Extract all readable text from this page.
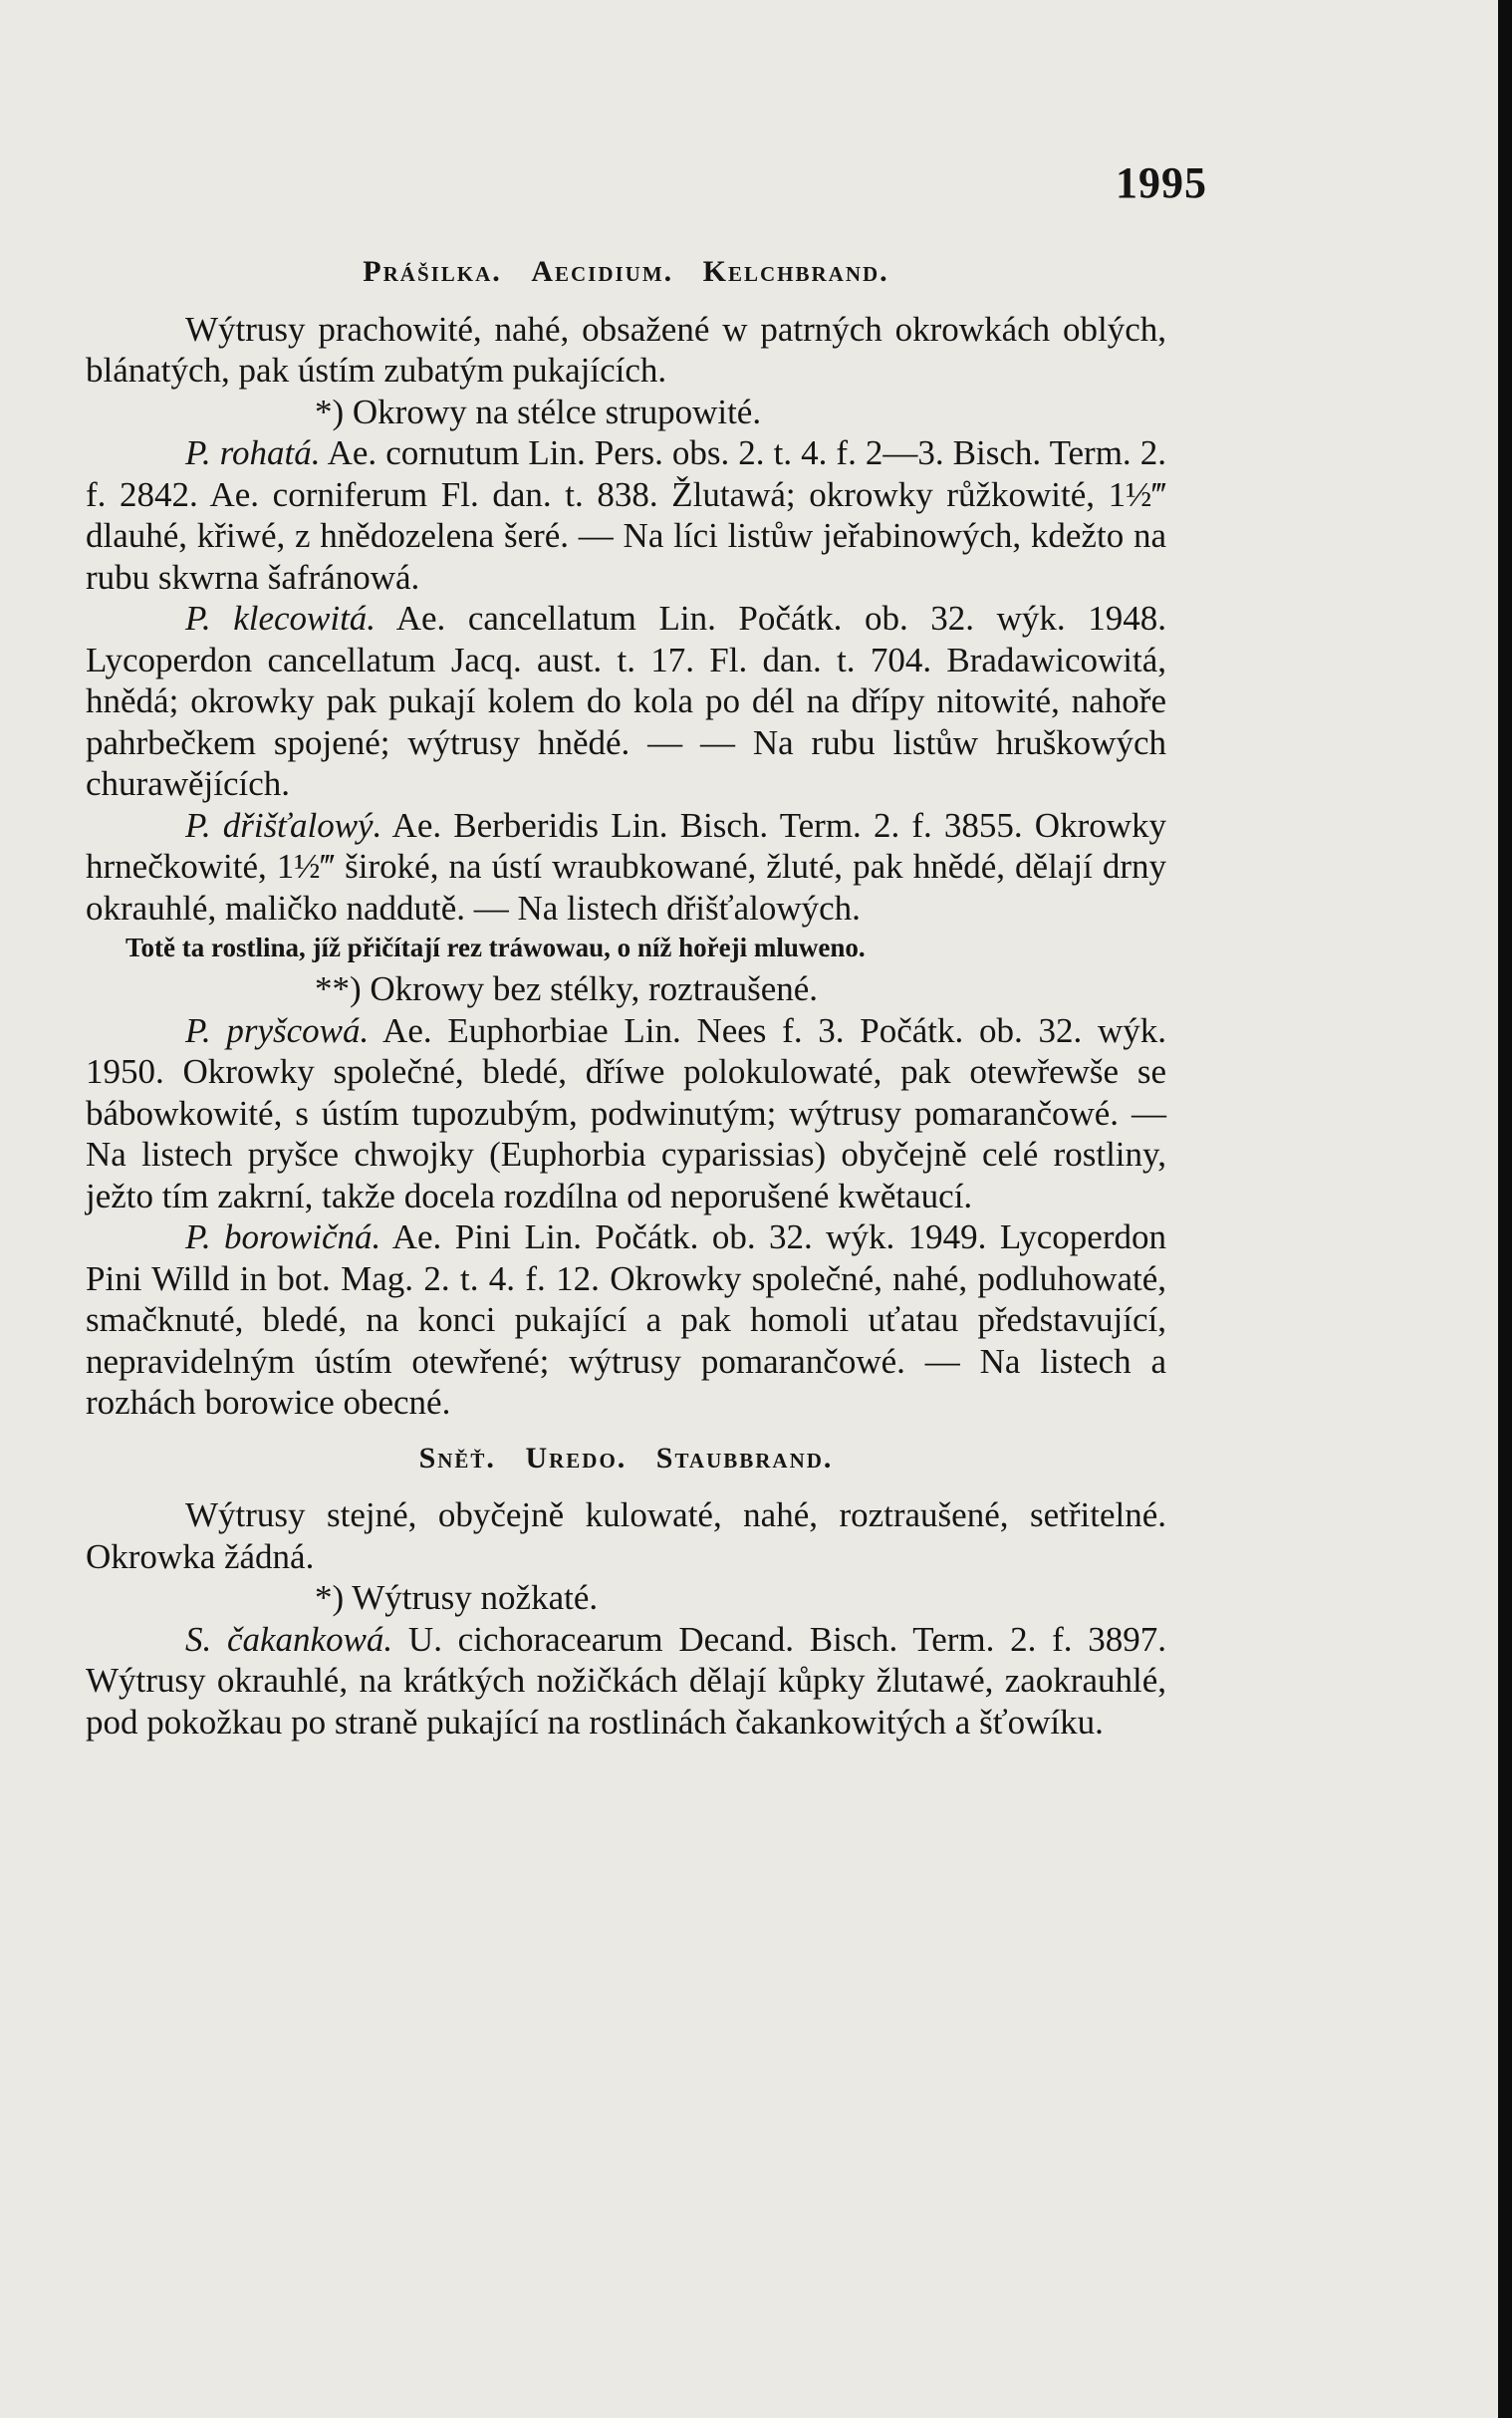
1995
Prášilka. Aecidium. Kelchbrand.

Wýtrusy prachowité, nahé, obsažené w patrných okrowkách oblých, blánatých, pak ústím zubatým pukajících.

*) Okrowy na stélce strupowité.

P. rohatá. Ae. cornutum Lin. Pers. obs. 2. t. 4. f. 2—3. Bisch. Term. 2. f. 2842. Ae. corniferum Fl. dan. t. 838. Žlutawá; okrowky růžkowité, 1½‴ dlauhé, křiwé, z hnědozelena šeré. — Na líci listůw jeřabinowých, kdežto na rubu skwrna šafránowá.

P. klecowitá. Ae. cancellatum Lin. Počátk. ob. 32. wýk. 1948. Lycoperdon cancellatum Jacq. aust. t. 17. Fl. dan. t. 704. Bradawicowitá, hnědá; okrowky pak pukají kolem do kola po dél na dřípy nitowité, nahoře pahrbečkem spojené; wýtrusy hnědé. — — Na rubu listůw hruškowých churawějících.

P. dřišťalowý. Ae. Berberidis Lin. Bisch. Term. 2. f. 3855. Okrowky hrnečkowité, 1½‴ široké, na ústí wraubkowané, žluté, pak hnědé, dělají drny okrauhlé, maličko naddutě. — Na listech dřišťalowých.

Totě ta rostlina, jíž přičítají rez tráwowau, o níž hořeji mluweno.

**) Okrowy bez stélky, roztraušené.

P. pryšcowá. Ae. Euphorbiae Lin. Nees f. 3. Počátk. ob. 32. wýk. 1950. Okrowky společné, bledé, dříwe polokulowaté, pak otewřewše se bábowkowité, s ústím tupozubým, podwinutým; wýtrusy pomarančowé. — Na listech pryšce chwojky (Euphorbia cyparissias) obyčejně celé rostliny, ježto tím zakrní, takže docela rozdílna od neporušené kwětaucí.

P. borowičná. Ae. Pini Lin. Počátk. ob. 32. wýk. 1949. Lycoperdon Pini Willd in bot. Mag. 2. t. 4. f. 12. Okrowky společné, nahé, podluhowaté, smačknuté, bledé, na konci pukající a pak homoli uťatau představující, nepravidelným ústím otewřené; wýtrusy pomarančowé. — Na listech a rozhách borowice obecné.

Sněť. Uredo. Staubbrand.

Wýtrusy stejné, obyčejně kulowaté, nahé, roztraušené, setřitelné. Okrowka žádná.

*) Wýtrusy nožkaté.

S. čakankowá. U. cichoracearum Decand. Bisch. Term. 2. f. 3897. Wýtrusy okrauhlé, na krátkých nožičkách dělají kůpky žlutawé, zaokrauhlé, pod pokožkau po straně pukající na rostlinách čakankowitých a šťowíku.
